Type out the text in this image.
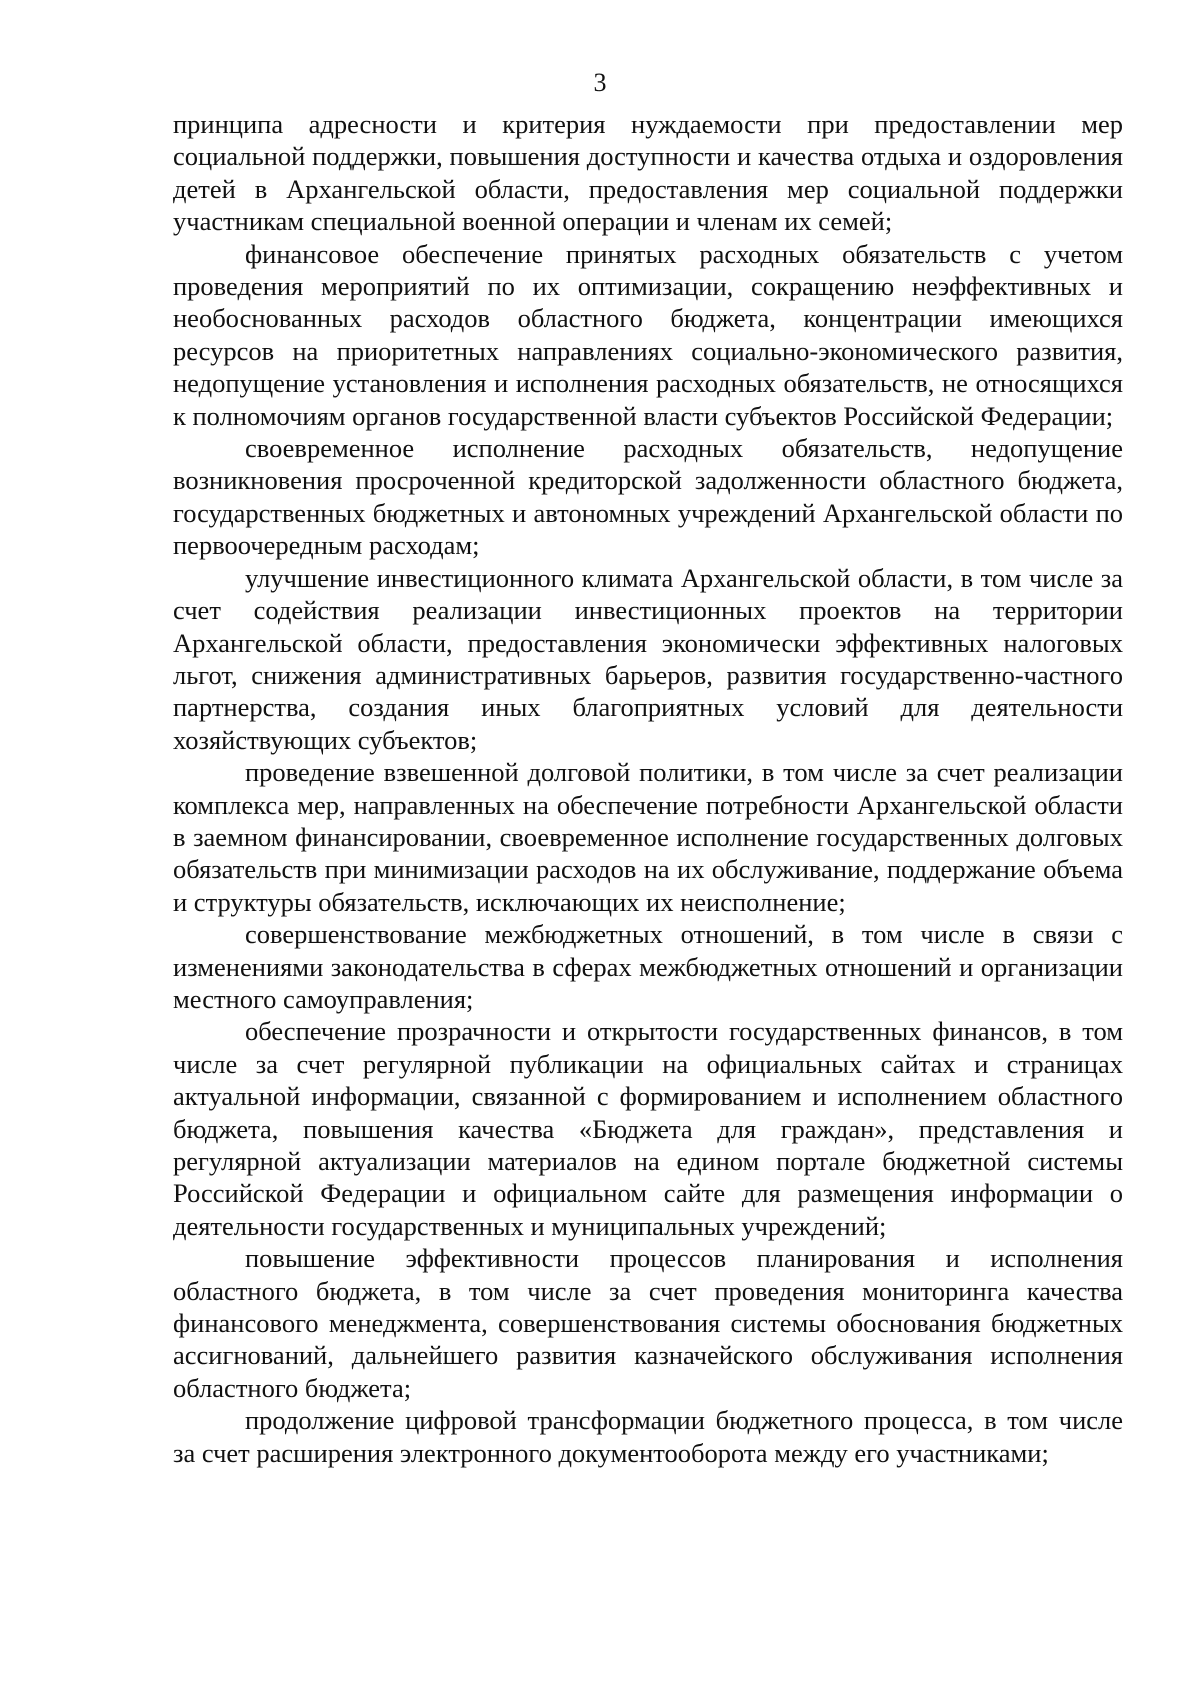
3

принципа адресности и критерия нуждаемости при предоставлении мер социальной поддержки, повышения доступности и качества отдыха и оздоровления детей в Архангельской области, предоставления мер социальной поддержки участникам специальной военной операции и членам их семей;

финансовое обеспечение принятых расходных обязательств с учетом проведения мероприятий по их оптимизации, сокращению неэффективных и необоснованных расходов областного бюджета, концентрации имеющихся ресурсов на приоритетных направлениях социально-экономического развития, недопущение установления и исполнения расходных обязательств, не относящихся к полномочиям органов государственной власти субъектов Российской Федерации;

своевременное исполнение расходных обязательств, недопущение возникновения просроченной кредиторской задолженности областного бюджета, государственных бюджетных и автономных учреждений Архангельской области по первоочередным расходам;

улучшение инвестиционного климата Архангельской области, в том числе за счет содействия реализации инвестиционных проектов на территории Архангельской области, предоставления экономически эффективных налоговых льгот, снижения административных барьеров, развития государственно-частного партнерства, создания иных благоприятных условий для деятельности хозяйствующих субъектов;

проведение взвешенной долговой политики, в том числе за счет реализации комплекса мер, направленных на обеспечение потребности Архангельской области в заемном финансировании, своевременное исполнение государственных долговых обязательств при минимизации расходов на их обслуживание, поддержание объема и структуры обязательств, исключающих их неисполнение;

совершенствование межбюджетных отношений, в том числе в связи с изменениями законодательства в сферах межбюджетных отношений и организации местного самоуправления;

обеспечение прозрачности и открытости государственных финансов, в том числе за счет регулярной публикации на официальных сайтах и страницах актуальной информации, связанной с формированием и исполнением областного бюджета, повышения качества «Бюджета для граждан», представления и регулярной актуализации материалов на едином портале бюджетной системы Российской Федерации и официальном сайте для размещения информации о деятельности государственных и муниципальных учреждений;

повышение эффективности процессов планирования и исполнения областного бюджета, в том числе за счет проведения мониторинга качества финансового менеджмента, совершенствования системы обоснования бюджетных ассигнований, дальнейшего развития казначейского обслуживания исполнения областного бюджета;

продолжение цифровой трансформации бюджетного процесса, в том числе за счет расширения электронного документооборота между его участниками;
